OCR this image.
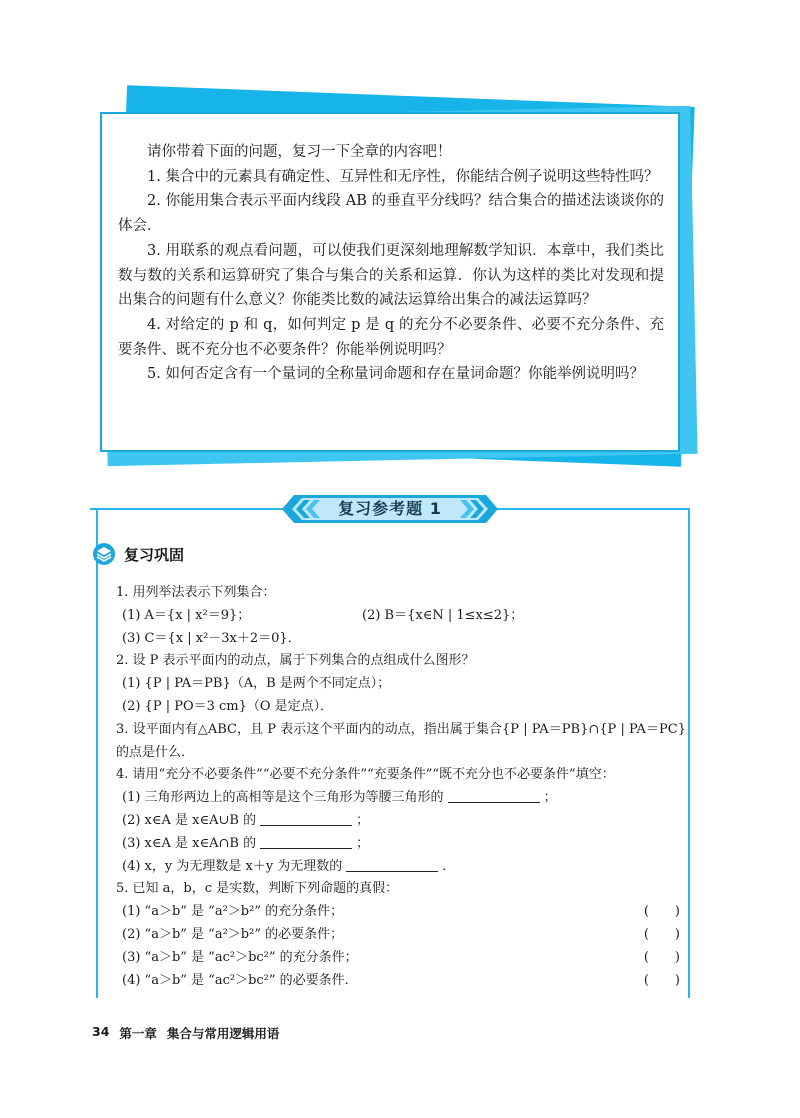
请你带着下面的问题，复习一下全章的内容吧！

1. 集合中的元素具有确定性、互异性和无序性，你能结合例子说明这些特性吗？

2. 你能用集合表示平面内线段 AB 的垂直平分线吗？结合集合的描述法谈谈你的体会．

3. 用联系的观点看问题，可以使我们更深刻地理解数学知识．本章中，我们类比数与数的关系和运算研究了集合与集合的关系和运算．你认为这样的类比对发现和提出集合的问题有什么意义？你能类比数的减法运算给出集合的减法运算吗？

4. 对给定的 p 和 q，如何判定 p 是 q 的充分不必要条件、必要不充分条件、充要条件、既不充分也不必要条件？你能举例说明吗？

5. 如何否定含有一个量词的全称量词命题和存在量词命题？你能举例说明吗？

复习参考题 1
复习巩固
1. 用列举法表示下列集合：
(1) A＝{x | x²＝9}；	(2) B＝{x∈N | 1≤x≤2}；
(3) C＝{x | x²－3x＋2＝0}．
2. 设 P 表示平面内的动点，属于下列集合的点组成什么图形？
(1) {P | PA＝PB}（A，B 是两个不同定点）；
(2) {P | PO＝3 cm}（O 是定点）．
3. 设平面内有△ABC，且 P 表示这个平面内的动点，指出属于集合{P | PA＝PB}∩{P | PA＝PC}的点是什么．
4. 请用“充分不必要条件”“必要不充分条件”“充要条件”“既不充分也不必要条件”填空：
(1) 三角形两边上的高相等是这个三角形为等腰三角形的	；
(2) x∈A 是 x∈A∪B 的	；
(3) x∈A 是 x∈A∩B 的	；
(4) x，y 为无理数是 x＋y 为无理数的	．
5. 已知 a，b，c 是实数，判断下列命题的真假：
(1) “a＞b” 是 “a²＞b²” 的充分条件；	(　　)
(2) “a＞b” 是 “a²＞b²” 的必要条件；	(　　)
(3) “a＞b” 是 “ac²＞bc²” 的充分条件；	(　　)
(4) “a＞b” 是 “ac²＞bc²” 的必要条件．	(　　)
34 第一章 集合与常用逻辑用语
